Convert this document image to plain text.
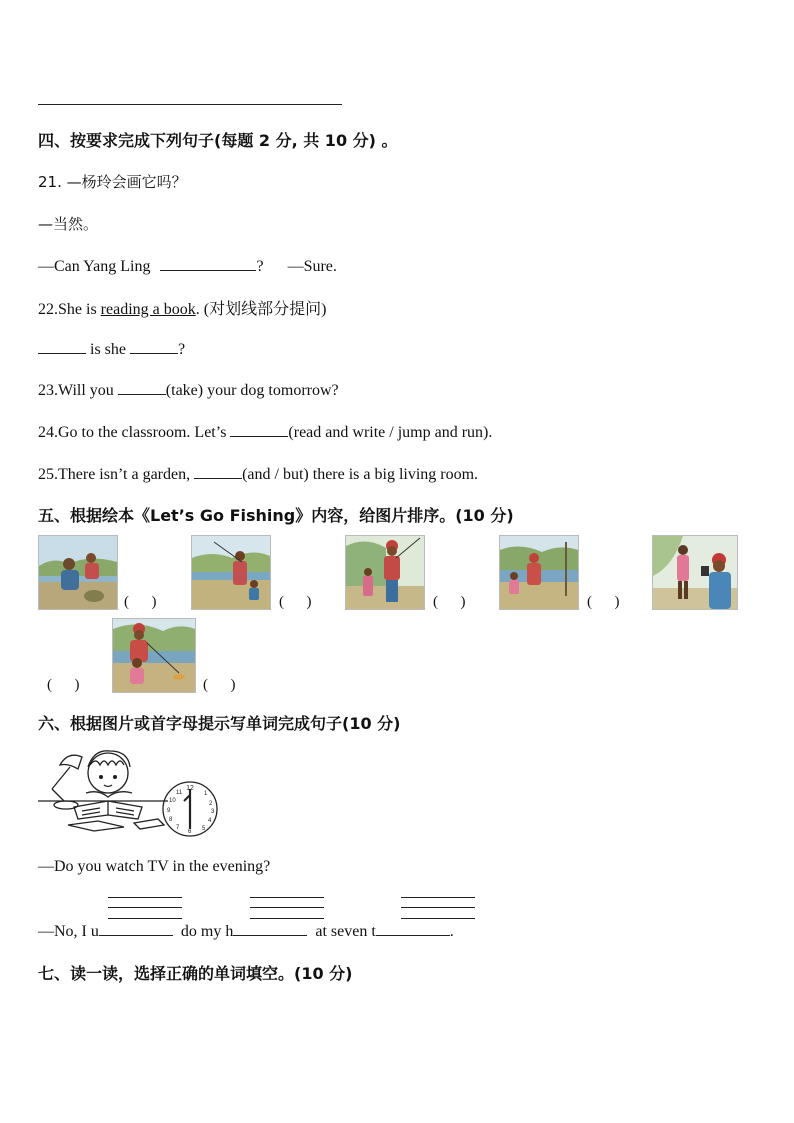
四、按要求完成下列句子(每题 2 分, 共 10 分) 。
21. —杨玲会画它吗？
—当然。
—Can Yang Ling	? —Sure.
22.She is reading a book. (对划线部分提问)
is she	?
23.Will you	(take) your dog tomorrow?
24.Go to the classroom. Let’s	(read and write / jump and run).
25.There isn’t a garden,	(and / but) there is a big living room.
五、根据绘本《Let’s Go Fishing》内容，给图片排序。(10 分)
(      )	(      )	(      )	(      )
(      )	(      )
六、根据图片或首字母提示写单词完成句子(10 分)
12
1
2
3
4
5
6
7
8
9
10
11
—Do you watch TV in the evening?
—No, I u	do my h	at seven t	.
七、读一读，选择正确的单词填空。(10 分)
